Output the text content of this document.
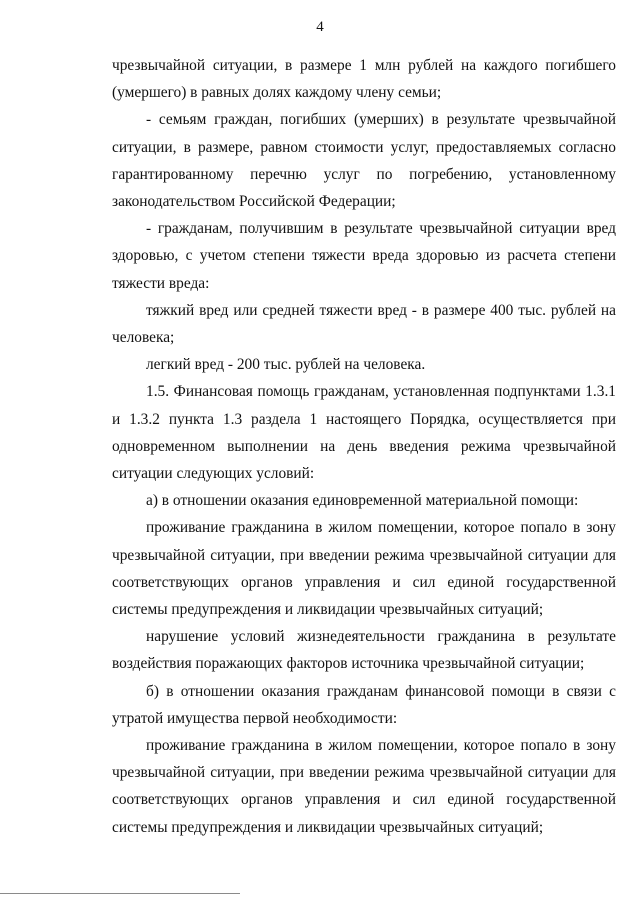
4

чрезвычайной ситуации, в размере 1 млн рублей на каждого погибшего (умершего) в равных долях каждому члену семьи;

- семьям граждан, погибших (умерших) в результате чрезвычайной ситуации, в размере, равном стоимости услуг, предоставляемых согласно гарантированному перечню услуг по погребению, установленному законодательством Российской Федерации;

- гражданам, получившим в результате чрезвычайной ситуации вред здоровью, с учетом степени тяжести вреда здоровью из расчета степени тяжести вреда:

тяжкий вред или средней тяжести вред - в размере 400 тыс. рублей на человека;

легкий вред - 200 тыс. рублей на человека.

1.5. Финансовая помощь гражданам, установленная подпунктами 1.3.1 и 1.3.2 пункта 1.3 раздела 1 настоящего Порядка, осуществляется при одновременном выполнении на день введения режима чрезвычайной ситуации следующих условий:

а) в отношении оказания единовременной материальной помощи:

проживание гражданина в жилом помещении, которое попало в зону чрезвычайной ситуации, при введении режима чрезвычайной ситуации для соответствующих органов управления и сил единой государственной системы предупреждения и ликвидации чрезвычайных ситуаций;

нарушение условий жизнедеятельности гражданина в результате воздействия поражающих факторов источника чрезвычайной ситуации;

б) в отношении оказания гражданам финансовой помощи в связи с утратой имущества первой необходимости:

проживание гражданина в жилом помещении, которое попало в зону чрезвычайной ситуации, при введении режима чрезвычайной ситуации для соответствующих органов управления и сил единой государственной системы предупреждения и ликвидации чрезвычайных ситуаций;
